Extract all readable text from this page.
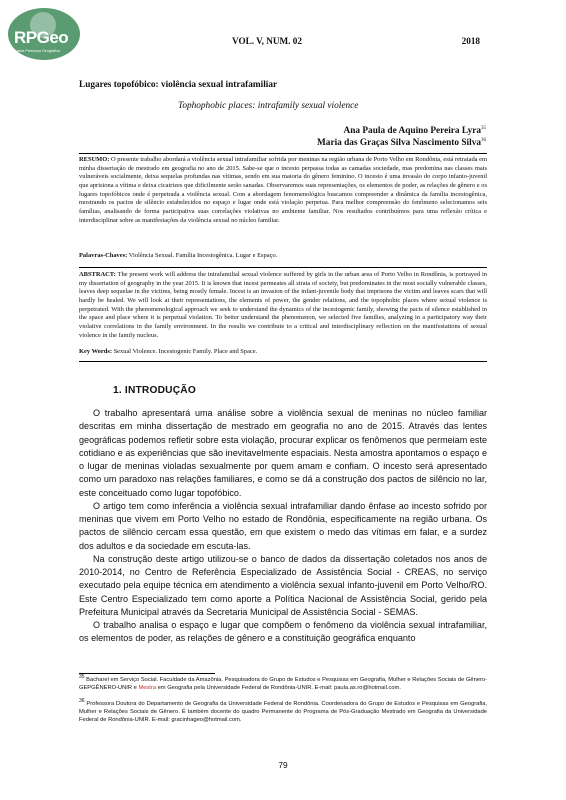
RPGeo
Revista Presença Geográfica
VOL. V, NUM. 02	2018
Lugares topofóbico: violência sexual intrafamiliar
Tophophobic places: intrafamily sexual violence
Ana Paula de Aquino Pereira Lyra$^{35}$
Maria das Graças Silva Nascimento Silva$^{36}$
RESUMO: O presente trabalho abordará a violência sexual intrafamiliar sofrida por meninas na região urbana de Porto Velho em Rondônia, está retratada em minha dissertação de mestrado em geografia no ano de 2015. Sabe-se que o incesto perpassa todas as camadas sociedade, mas predomina nas classes mais vulneráveis socialmente, deixa sequelas profundas nas vítimas, sendo em sua maioria do gênero feminino. O incesto é uma invasão do corpo infanto-juvenil que aprisiona a vítima e deixa cicatrizes que dificilmente serão sanadas. Observaremos suas representações, os elementos de poder, as relações de gênero e os lugares topofóbicos onde é perpetrada a violência sexual. Com a abordagem fenomenológica buscamos compreender a dinâmica da família incestogênica, mostrando os pactos de silêncio estabelecidos no espaço e lugar onde está violação perpetua. Para melhor compreensão do fenômeno selecionamos seis famílias, analisando de forma participativa suas correlações violativas no ambiente familiar. Nos resultados contribuímos para uma reflexão crítica e interdisciplinar sobre as manifestações da violência sexual no núcleo familiar.
Palavras-Chaves: Violência Sexual. Família Incestogênica. Lugar e Espaço.
ABSTRACT: The present work will address the intrafamilial sexual violence suffered by girls in the urban area of Porto Velho in Rondônia, is portrayed in my dissertation of geography in the year 2015. It is known that incest permeates all strata of society, but predominates in the most socially vulnerable classes, leaves deep sequelae in the victims, being mostly female. Incest is an invasion of the infant-juvenile body that imprisons the victim and leaves scars that will hardly be healed. We will look at their representations, the elements of power, the gender relations, and the topophobic places where sexual violence is perpetrated. With the phenomenological approach we seek to understand the dynamics of the incestogenic family, showing the pacts of silence established in the space and place where it is perpetual violation. To better understand the phenomenon, we selected five families, analyzing in a participatory way their violative correlations in the family environment. In the results we contribute to a critical and interdisciplinary reflection on the manifestations of sexual violence in the family nucleus.
Key Words: Sexual Violence. Incestogenic Family. Place and Space.
1. INTRODUÇÃO

O trabalho apresentará uma análise sobre a violência sexual de meninas no núcleo familiar descritas em minha dissertação de mestrado em geografia no ano de 2015. Através das lentes geográficas podemos refletir sobre esta violação, procurar explicar os fenômenos que permeiam este cotidiano e as experiências que são inevitavelmente espaciais. Nesta amostra apontamos o espaço e o lugar de meninas violadas sexualmente por quem amam e confiam. O incesto será apresentado como um paradoxo nas relações familiares, e como se dá a construção dos pactos de silêncio no lar, este conceituado como lugar topofóbico.

O artigo tem como inferência a violência sexual intrafamiliar dando ênfase ao incesto sofrido por meninas que vivem em Porto Velho no estado de Rondônia, especificamente na região urbana. Os pactos de silêncio cercam essa questão, em que existem o medo das vítimas em falar, e a surdez dos adultos e da sociedade em escuta-las.

Na construção deste artigo utilizou-se o banco de dados da dissertação coletados nos anos de 2010-2014, no Centro de Referência Especializado de Assistência Social - CREAS, no serviço executado pela equipe técnica em atendimento a violência sexual infanto-juvenil em Porto Velho/RO. Este Centro Especializado tem como aporte a Política Nacional de Assistência Social, gerido pela Prefeitura Municipal através da Secretaria Municipal de Assistência Social - SEMAS.

O trabalho analisa o espaço e lugar que compõem o fenômeno da violência sexual intrafamiliar, os elementos de poder, as relações de gênero e a constituição geográfica enquanto

$^{35}$ Bacharel em Serviço Social. Faculdade da Amazônia. Pesquisadora do Grupo de Estudos e Pesquisas em Geografia, Mulher e Relações Sociais de Gênero-GEPGÊNERO-UNIR e Mestra em Geografia pela Universidade Federal de Rondônia-UNIR. E-mail: paula.as.ro@hotmail.com.
$^{36}$ Professora Doutora do Departamento de Geografia da Universidade Federal de Rondônia. Coordenadora do Grupo de Estudos e Pesquisas em Geografia, Mulher e Relações Sociais de Gênero. É também docente do quadro Permanente do Programa de Pós-Graduação Mestrado em Geografia da Universidade Federal de Rondônia-UNIR. E-mail: gracinhageo@hotmail.com.
79
